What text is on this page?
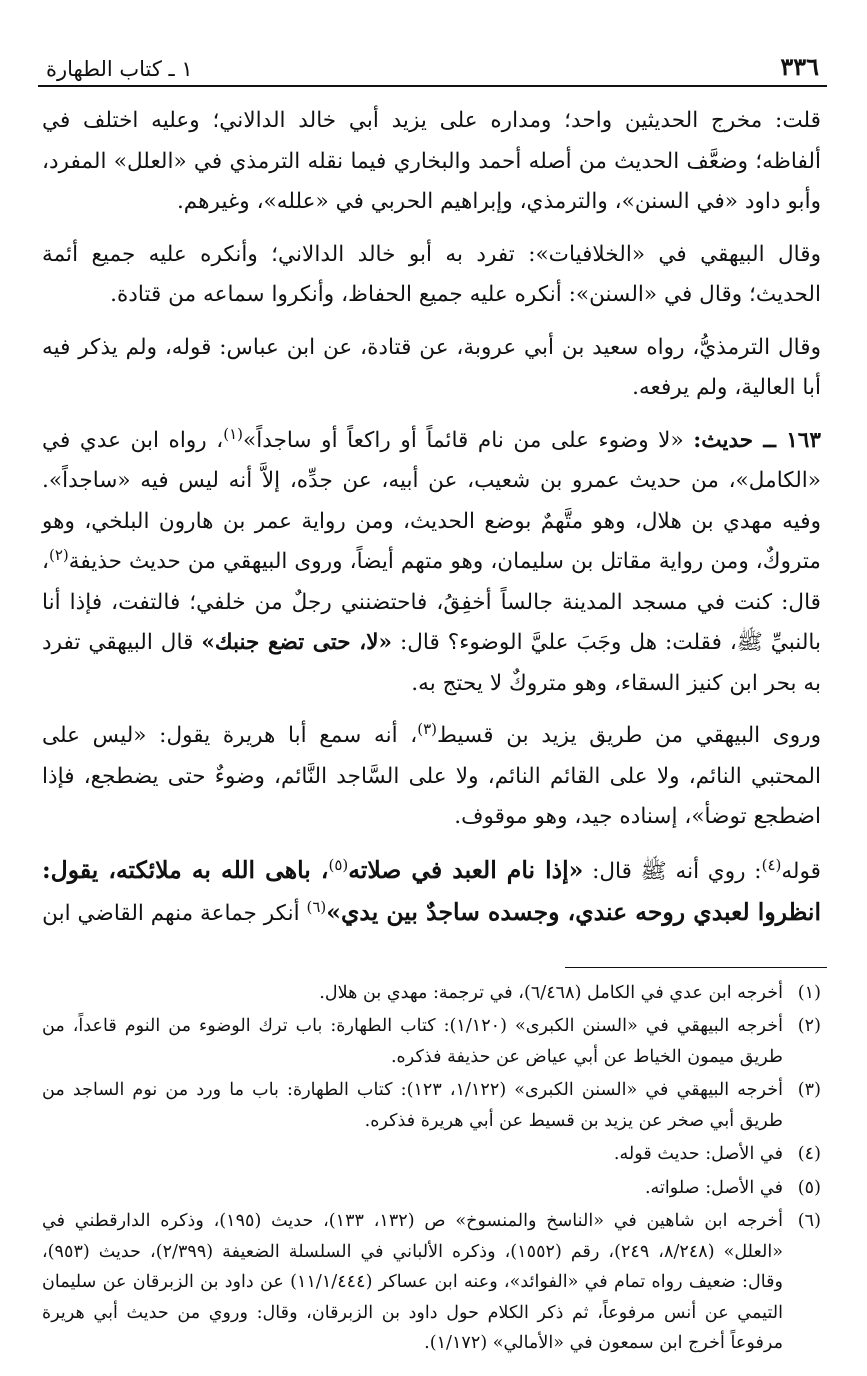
٣٣٦
١ ـ كتاب الطهارة

قلت: مخرج الحديثين واحد؛ ومداره على يزيد أبي خالد الدالاني؛ وعليه اختلف في ألفاظه؛ وضعَّف الحديث من أصله أحمد والبخاري فيما نقله الترمذي في «العلل» المفرد، وأبو داود «في السنن»، والترمذي، وإبراهيم الحربي في «علله»، وغيرهم.

وقال البيهقي في «الخلافيات»: تفرد به أبو خالد الدالاني؛ وأنكره عليه جميع أئمة الحديث؛ وقال في «السنن»: أنكره عليه جميع الحفاظ، وأنكروا سماعه من قتادة.

وقال الترمذيُّ، رواه سعيد بن أبي عروبة، عن قتادة، عن ابن عباس: قوله، ولم يذكر فيه أبا العالية، ولم يرفعه.

١٦٣ ــ حديث: «لا وضوء على من نام قائماً أو راكعاً أو ساجداً»$^{(١)}$، رواه ابن عدي في «الكامل»، من حديث عمرو بن شعيب، عن أبيه، عن جدِّه، إلاَّ أنه ليس فيه «ساجداً». وفيه مهدي بن هلال، وهو متَّهمٌ بوضع الحديث، ومن رواية عمر بن هارون البلخي، وهو متروكٌ، ومن رواية مقاتل بن سليمان، وهو متهم أيضاً، وروى البيهقي من حديث حذيفة$^{(٢)}$، قال: كنت في مسجد المدينة جالساً أخفِقُ، فاحتضنني رجلٌ من خلفي؛ فالتفت، فإذا أنا بالنبيِّ ﷺ، فقلت: هل وجَبَ عليَّ الوضوء؟ قال: «لا، حتى تضع جنبك» قال البيهقي تفرد به بحر ابن كنيز السقاء، وهو متروكٌ لا يحتج به.

وروى البيهقي من طريق يزيد بن قسيط$^{(٣)}$، أنه سمع أبا هريرة يقول: «ليس على المحتبي النائم، ولا على القائم النائم، ولا على السَّاجد النَّائم، وضوءٌ حتى يضطجع، فإذا اضطجع توضأ»، إسناده جيد، وهو موقوف.

قوله$^{(٤)}$: روي أنه ﷺ قال: «إذا نام العبد في صلاته$^{(٥)}$، باهى الله به ملائكته، يقول: انظروا لعبدي روحه عندي، وجسده ساجدٌ بين يدي»$^{(٦)}$ أنكر جماعة منهم القاضي ابن

(١)
أخرجه ابن عدي في الكامل (٦/٤٦٨)، في ترجمة: مهدي بن هلال.
(٢)
أخرجه البيهقي في «السنن الكبرى» (١/١٢٠): كتاب الطهارة: باب ترك الوضوء من النوم قاعداً، من طريق ميمون الخياط عن أبي عياض عن حذيفة فذكره.
(٣)
أخرجه البيهقي في «السنن الكبرى» (١/١٢٢، ١٢٣): كتاب الطهارة: باب ما ورد من نوم الساجد من طريق أبي صخر عن يزيد بن قسيط عن أبي هريرة فذكره.
(٤)
في الأصل: حديث قوله.
(٥)
في الأصل: صلواته.
(٦)
أخرجه ابن شاهين في «الناسخ والمنسوخ» ص (١٣٢، ١٣٣)، حديث (١٩٥)، وذكره الدارقطني في «العلل» (٨/٢٤٨، ٢٤٩)، رقم (١٥٥٢)، وذكره الألباني في السلسلة الضعيفة (٢/٣٩٩)، حديث (٩٥٣)، وقال: ضعيف رواه تمام في «الفوائد»، وعنه ابن عساكر (١١/١/٤٤٤) عن داود بن الزبرقان عن سليمان التيمي عن أنس مرفوعاً، ثم ذكر الكلام حول داود بن الزبرقان، وقال: وروي من حديث أبي هريرة مرفوعاً أخرج ابن سمعون في «الأمالي» (١/١٧٢).
